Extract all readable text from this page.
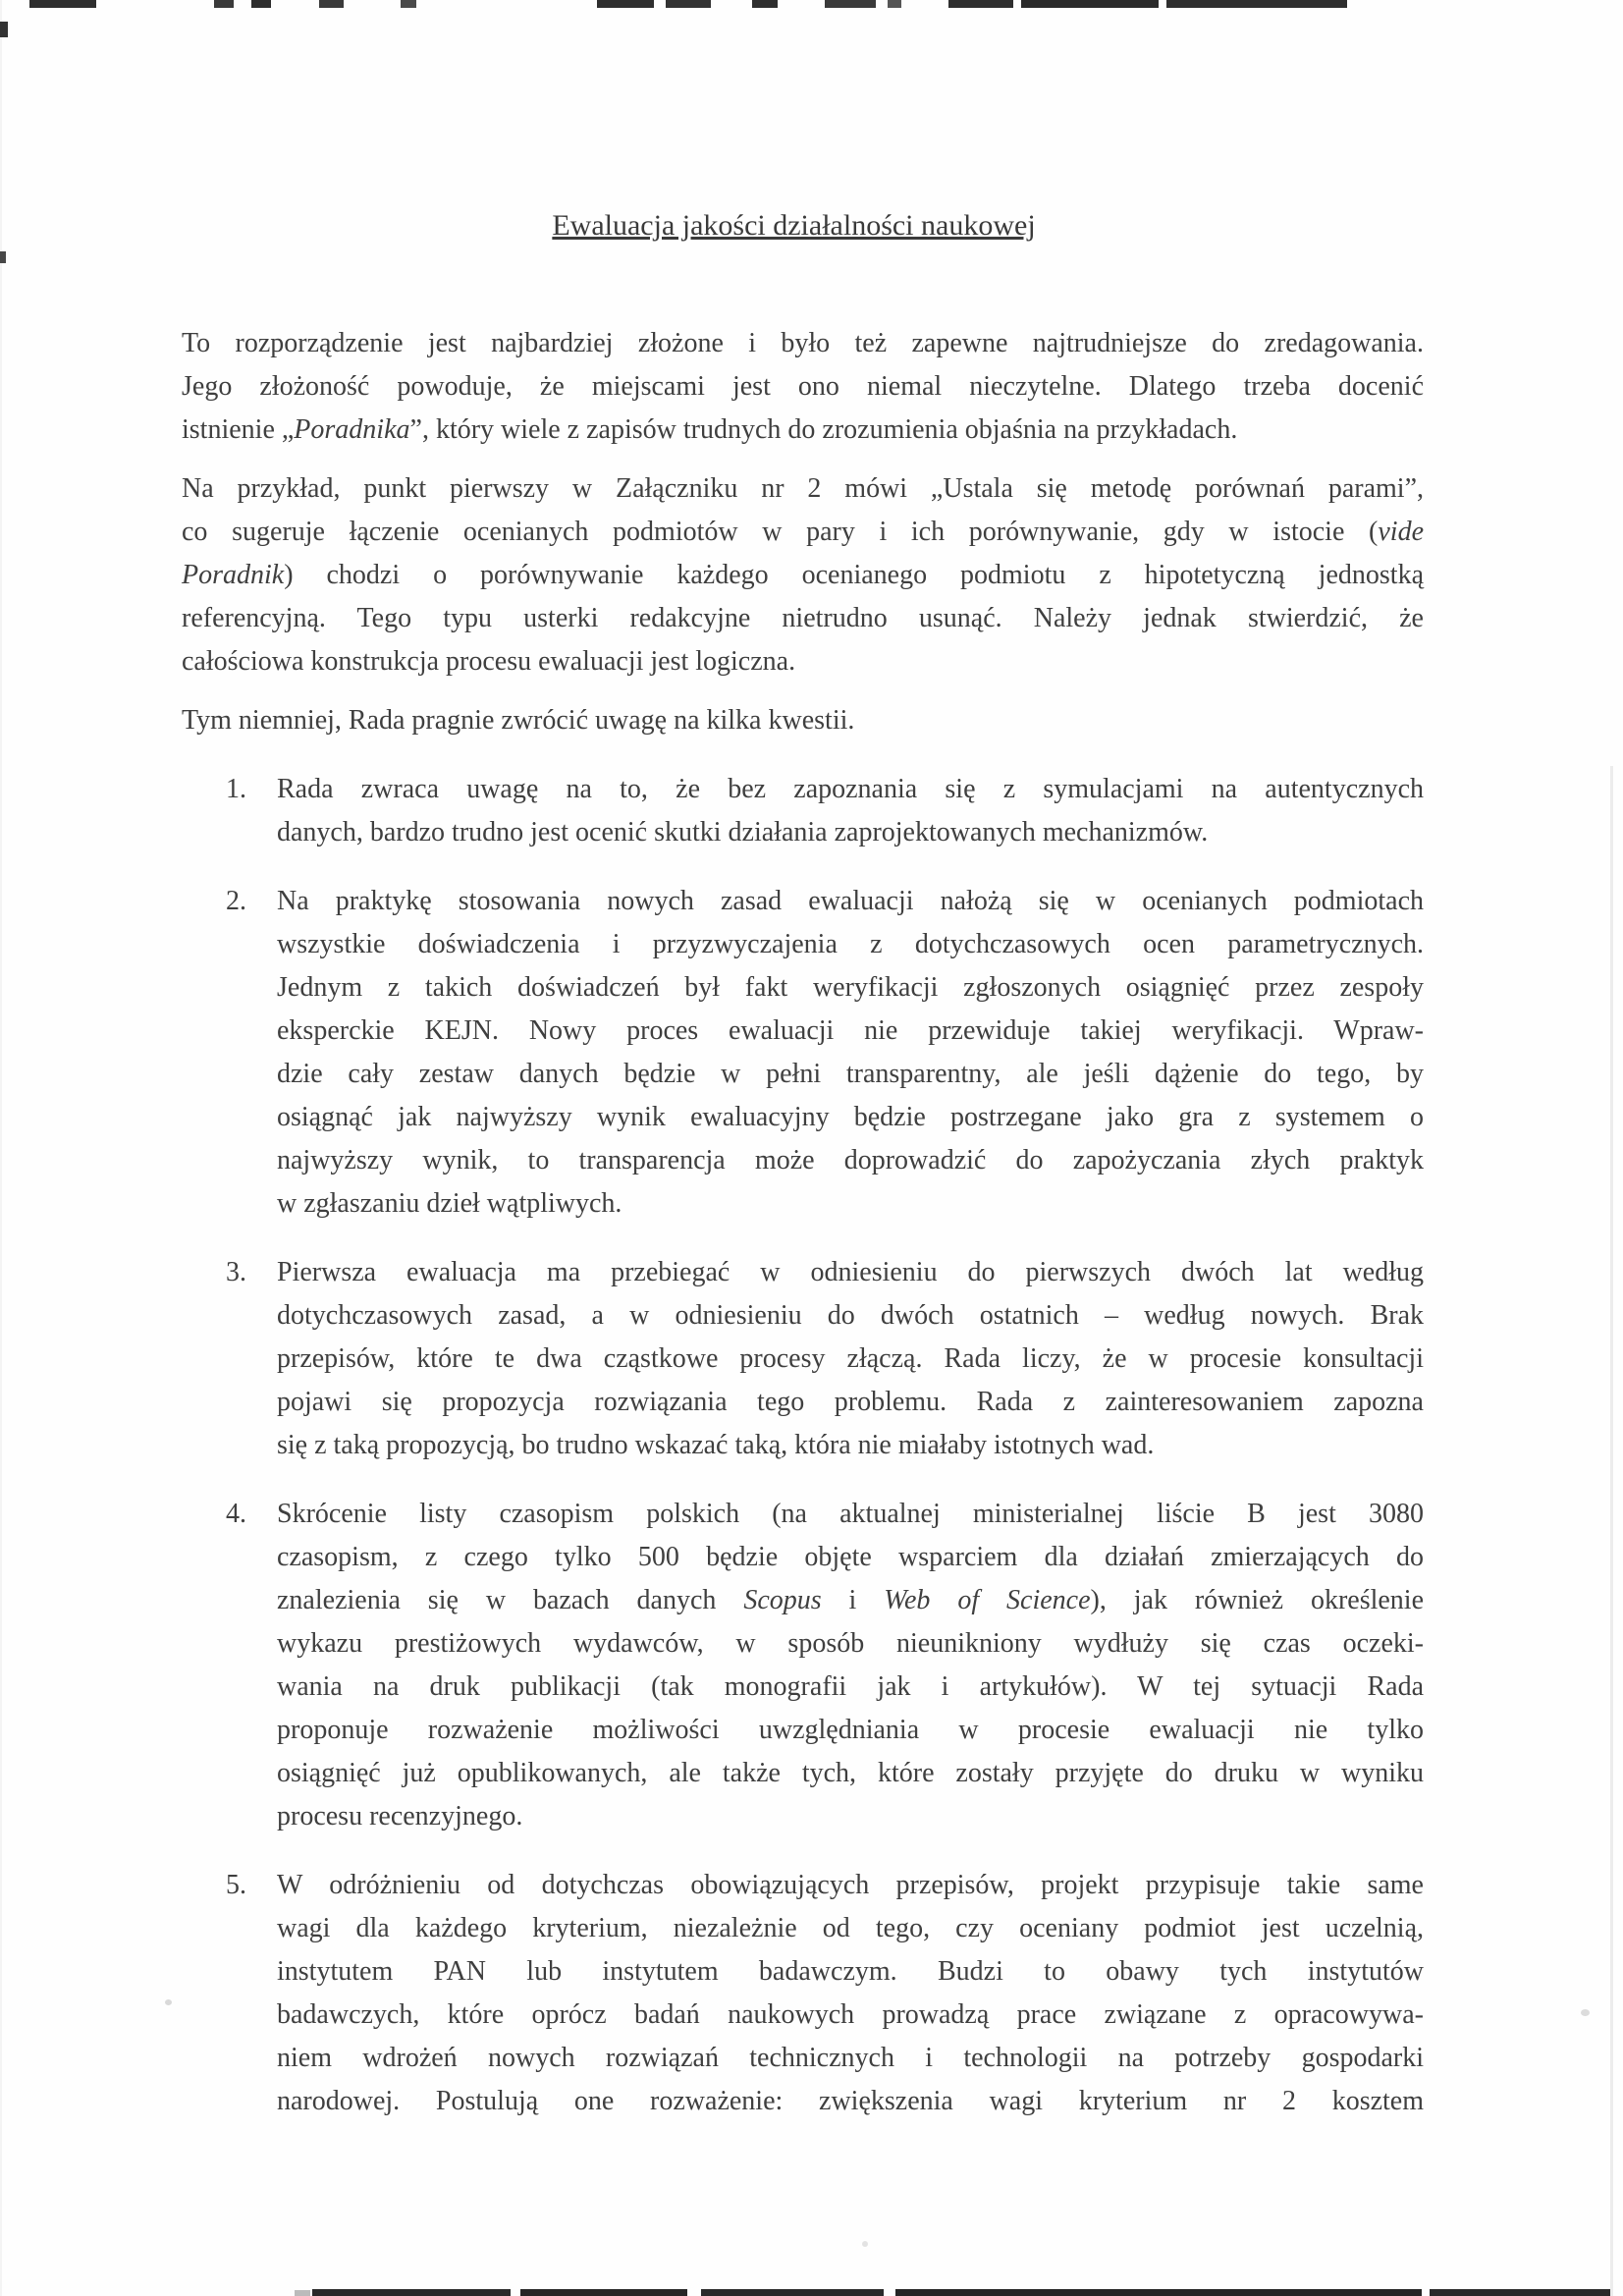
Ewaluacja jakości działalności naukowej
To rozporządzenie jest najbardziej złożone i było też zapewne najtrudniejsze do zredagowania.
Jego złożoność powoduje, że miejscami jest ono niemal nieczytelne. Dlatego trzeba docenić
istnienie „Poradnika”, który wiele z zapisów trudnych do zrozumienia objaśnia na przykładach.
Na przykład, punkt pierwszy w Załączniku nr 2 mówi „Ustala się metodę porównań parami”,
co sugeruje łączenie ocenianych podmiotów w pary i ich porównywanie, gdy w istocie (vide
Poradnik) chodzi o porównywanie każdego ocenianego podmiotu z hipotetyczną jednostką
referencyjną. Tego typu usterki redakcyjne nietrudno usunąć. Należy jednak stwierdzić, że
całościowa konstrukcja procesu ewaluacji jest logiczna.
Tym niemniej, Rada pragnie zwrócić uwagę na kilka kwestii.
1. Rada zwraca uwagę na to, że bez zapoznania się z symulacjami na autentycznych
danych, bardzo trudno jest ocenić skutki działania zaprojektowanych mechanizmów.
2. Na praktykę stosowania nowych zasad ewaluacji nałożą się w ocenianych podmiotach
wszystkie doświadczenia i przyzwyczajenia z dotychczasowych ocen parametrycznych.
Jednym z takich doświadczeń był fakt weryfikacji zgłoszonych osiągnięć przez zespoły
eksperckie KEJN. Nowy proces ewaluacji nie przewiduje takiej weryfikacji. Wpraw-
dzie cały zestaw danych będzie w pełni transparentny, ale jeśli dążenie do tego, by
osiągnąć jak najwyższy wynik ewaluacyjny będzie postrzegane jako gra z systemem o
najwyższy wynik, to transparencja może doprowadzić do zapożyczania złych praktyk
w zgłaszaniu dzieł wątpliwych.
3. Pierwsza ewaluacja ma przebiegać w odniesieniu do pierwszych dwóch lat według
dotychczasowych zasad, a w odniesieniu do dwóch ostatnich – według nowych. Brak
przepisów, które te dwa cząstkowe procesy złączą. Rada liczy, że w procesie konsultacji
pojawi się propozycja rozwiązania tego problemu. Rada z zainteresowaniem zapozna
się z taką propozycją, bo trudno wskazać taką, która nie miałaby istotnych wad.
4. Skrócenie listy czasopism polskich (na aktualnej ministerialnej liście B jest 3080
czasopism, z czego tylko 500 będzie objęte wsparciem dla działań zmierzających do
znalezienia się w bazach danych Scopus i Web of Science), jak również określenie
wykazu prestiżowych wydawców, w sposób nieunikniony wydłuży się czas oczeki-
wania na druk publikacji (tak monografii jak i artykułów). W tej sytuacji Rada
proponuje rozważenie możliwości uwzględniania w procesie ewaluacji nie tylko
osiągnięć już opublikowanych, ale także tych, które zostały przyjęte do druku w wyniku
procesu recenzyjnego.
5. W odróżnieniu od dotychczas obowiązujących przepisów, projekt przypisuje takie same
wagi dla każdego kryterium, niezależnie od tego, czy oceniany podmiot jest uczelnią,
instytutem PAN lub instytutem badawczym. Budzi to obawy tych instytutów
badawczych, które oprócz badań naukowych prowadzą prace związane z opracowywa-
niem wdrożeń nowych rozwiązań technicznych i technologii na potrzeby gospodarki
narodowej. Postulują one rozważenie: zwiększenia wagi kryterium nr 2 kosztem
